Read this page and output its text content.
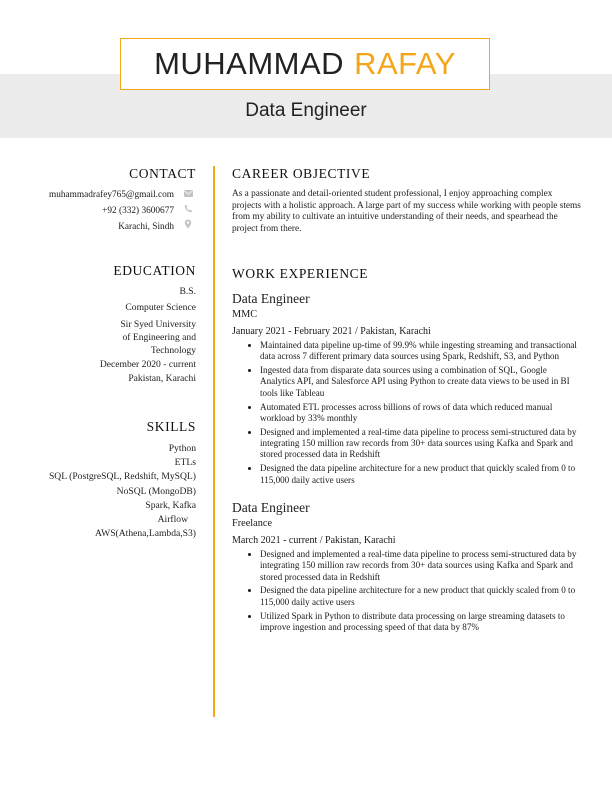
MUHAMMAD RAFAY
Data Engineer
CONTACT
muhammadrafey765@gmail.com
+92 (332) 3600677
Karachi, Sindh
EDUCATION
B.S.
Computer Science
Sir Syed University
of Engineering and
Technology
December 2020 - current
Pakistan, Karachi
SKILLS
Python
ETLs
SQL (PostgreSQL, Redshift, MySQL)
NoSQL (MongoDB)
Spark, Kafka
Airflow
AWS(Athena,Lambda,S3)
CAREER OBJECTIVE
As a passionate and detail-oriented student professional, I enjoy approaching complex projects with a holistic approach. A large part of my success while working with people stems from my ability to cultivate an intuitive understanding of their needs, and spearhead the project from there.
WORK EXPERIENCE
Data Engineer
MMC
January 2021 - February 2021 / Pakistan, Karachi
• Maintained data pipeline up-time of 99.9% while ingesting streaming and transactional data across 7 different primary data sources using Spark, Redshift, S3, and Python
• Ingested data from disparate data sources using a combination of SQL, Google Analytics API, and Salesforce API using Python to create data views to be used in BI tools like Tableau
• Automated ETL processes across billions of rows of data which reduced manual workload by 33% monthly
• Designed and implemented a real-time data pipeline to process semi-structured data by integrating 150 million raw records from 30+ data sources using Kafka and Spark and stored processed data in Redshift
• Designed the data pipeline architecture for a new product that quickly scaled from 0 to 115,000 daily active users
Data Engineer
Freelance
March 2021 - current / Pakistan, Karachi
• Designed and implemented a real-time data pipeline to process semi-structured data by integrating 150 million raw records from 30+ data sources using Kafka and Spark and stored processed data in Redshift
• Designed the data pipeline architecture for a new product that quickly scaled from 0 to 115,000 daily active users
• Utilized Spark in Python to distribute data processing on large streaming datasets to improve ingestion and processing speed of that data by 87%
